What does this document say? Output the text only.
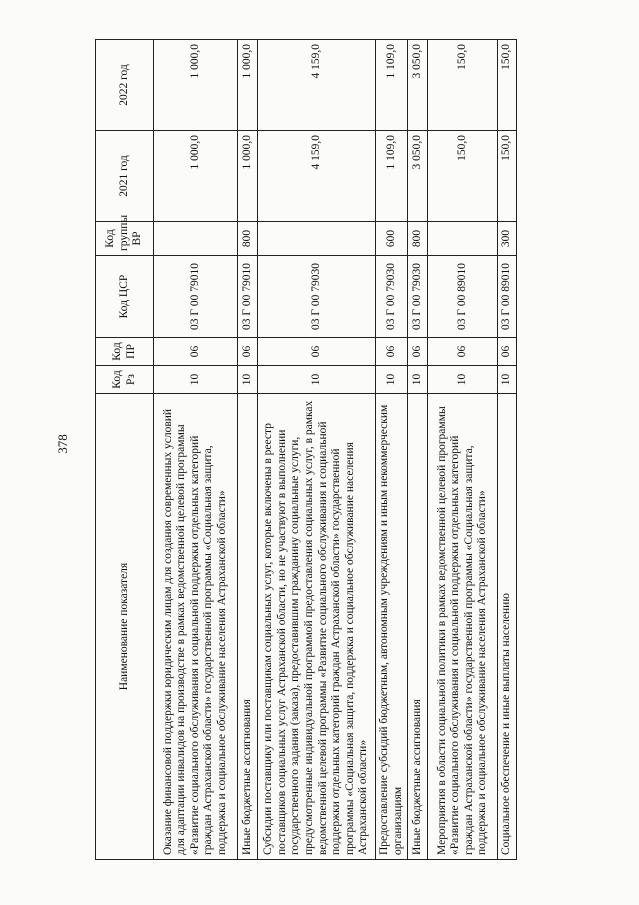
378
Наименование показателя	Код Рз	Код ПР	Код ЦСР	Код группы ВР	2021 год	2022 год
Оказание финансовой поддержки юридическим лицам для создания современных условий для адаптации инвалидов на производстве в рамках ведомственной целевой программы «Развитие социального обслуживания и социальной поддержки отдельных категорий граждан Астраханской области» государственной программы «Социальная защита, поддержка и социальное обслуживание населения Астраханской области»	10	06	03 Г 00 79010		1 000,0	1 000,0
Иные бюджетные ассигнования	10	06	03 Г 00 79010	800	1 000,0	1 000,0
Субсидии поставщику или поставщикам социальных услуг, которые включены в реестр поставщиков социальных услуг Астраханской области, но не участвуют в выполнении государственного задания (заказа), предоставившим гражданину социальные услуги, предусмотренные индивидуальной программой предоставления социальных услуг, в рамках ведомственной целевой программы «Развитие социального обслуживания и социальной поддержки отдельных категорий граждан Астраханской области» государственной программы «Социальная защита, поддержка и социальное обслуживание населения Астраханской области»	10	06	03 Г 00 79030		4 159,0	4 159,0
Предоставление субсидий бюджетным, автономным учреждениям и иным некоммерческим организациям	10	06	03 Г 00 79030	600	1 109,0	1 109,0
Иные бюджетные ассигнования	10	06	03 Г 00 79030	800	3 050,0	3 050,0
Мероприятия в области социальной политики в рамках ведомственной целевой программы «Развитие социального обслуживания и социальной поддержки отдельных категорий граждан Астраханской области» государственной программы «Социальная защита, поддержка и социальное обслуживание населения Астраханской области»	10	06	03 Г 00 89010		150,0	150,0
Социальное обеспечение и иные выплаты населению	10	06	03 Г 00 89010	300	150,0	150,0
